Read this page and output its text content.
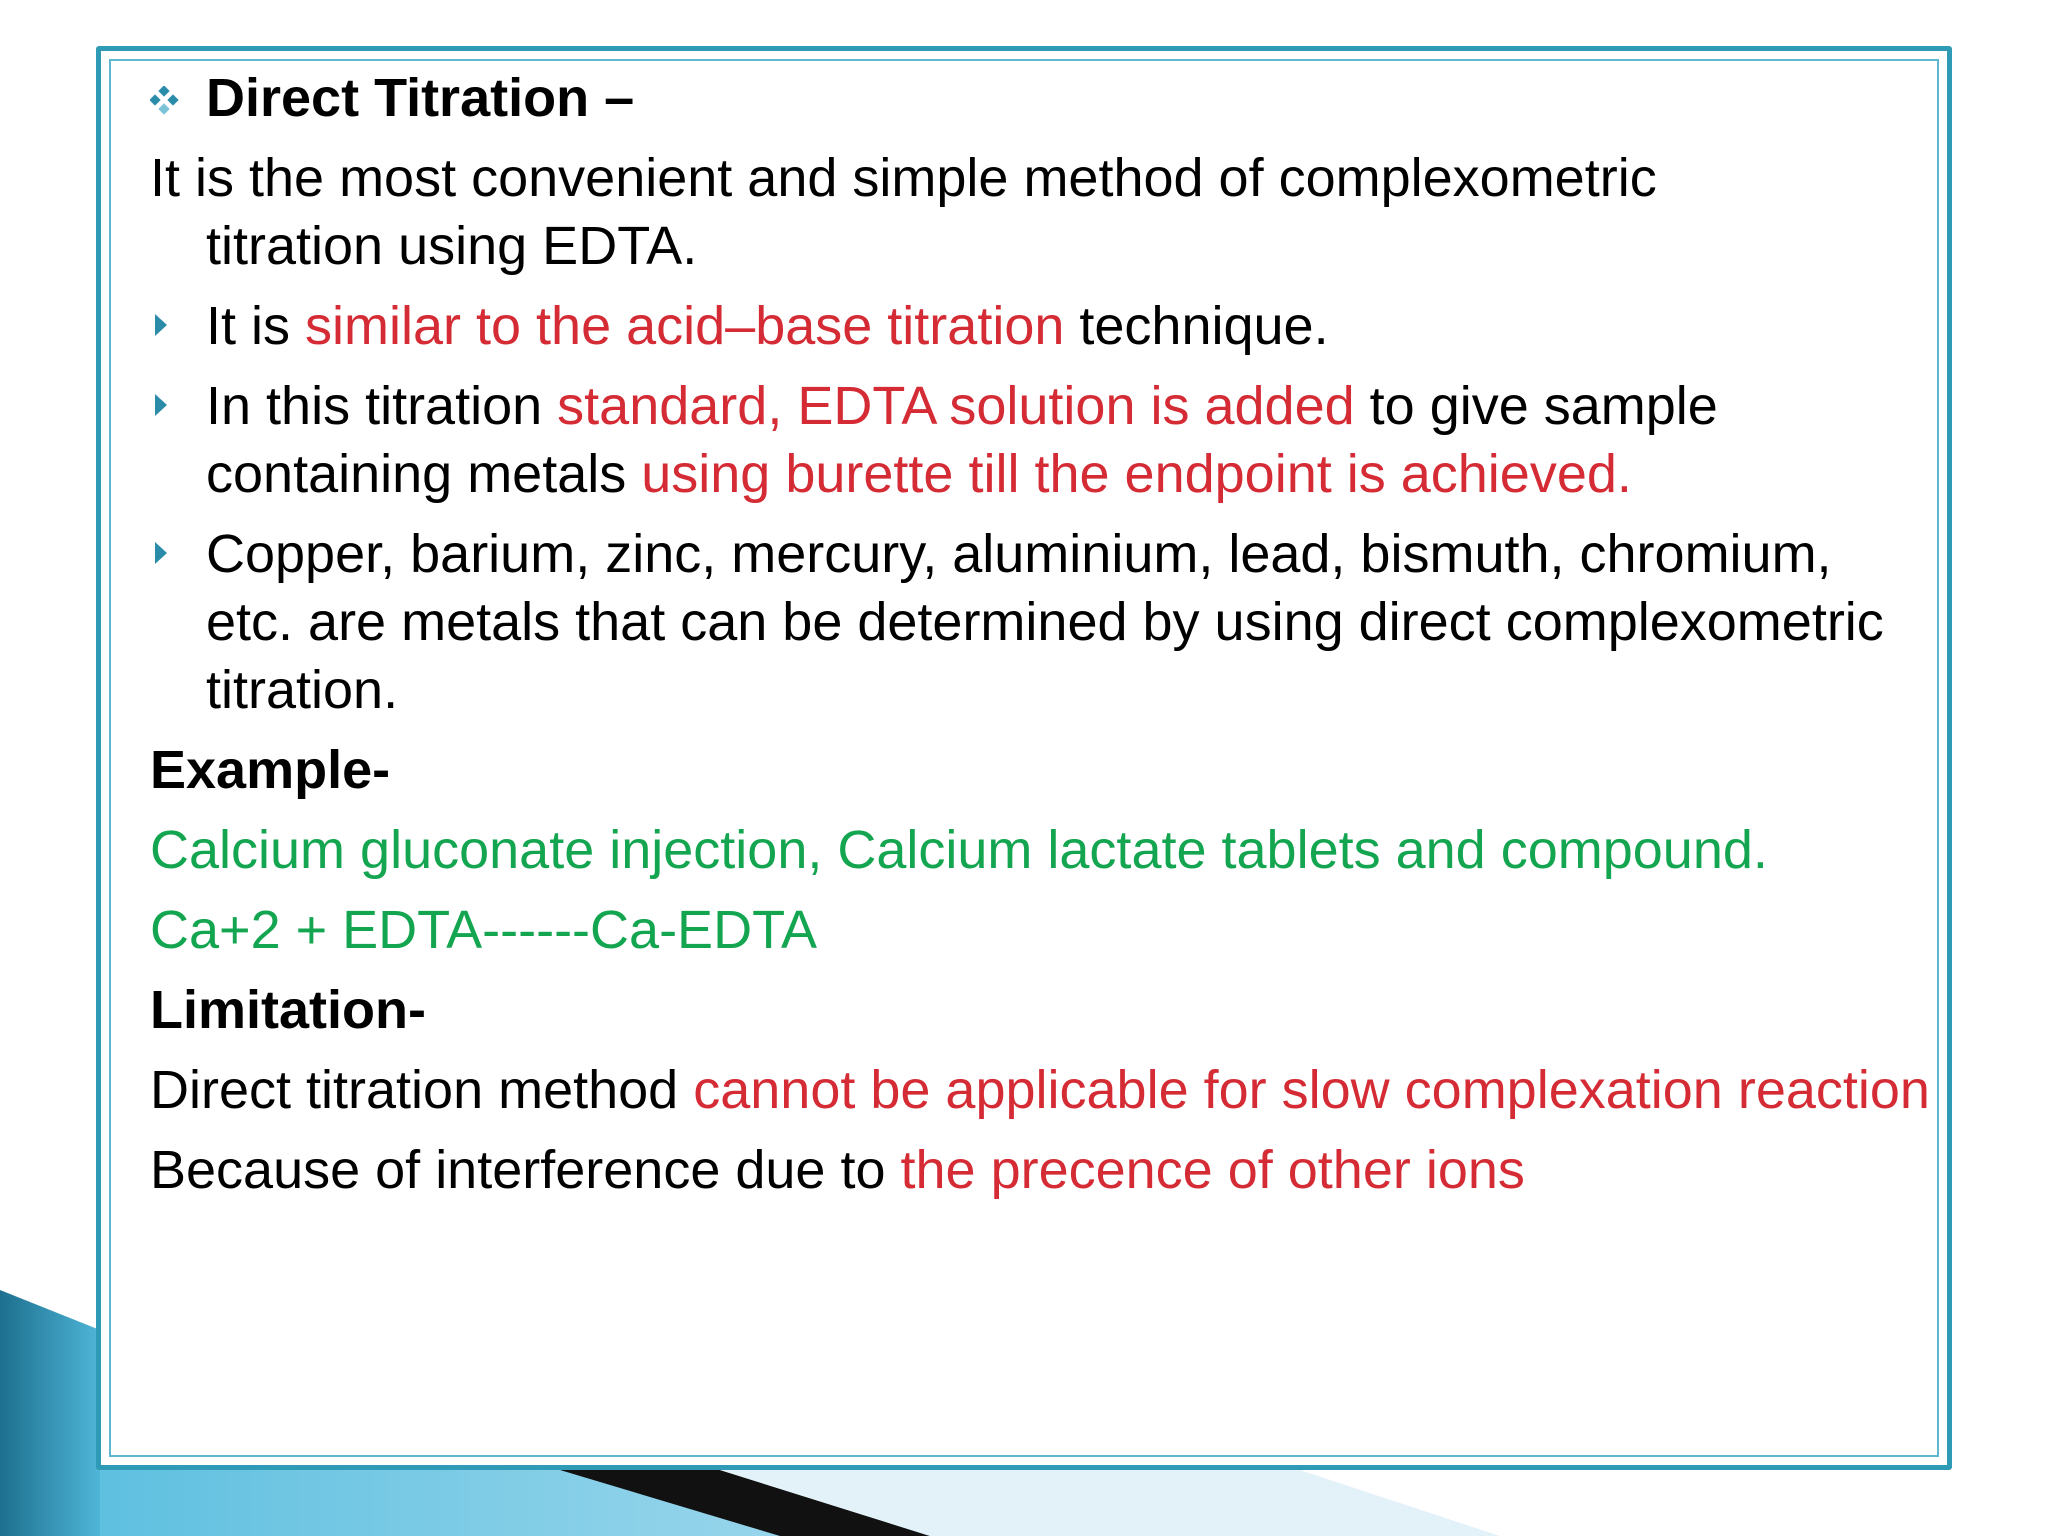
Direct Titration –
It is the most convenient and simple method of complexometric
titration using EDTA.
It is similar to the acid–base titration technique.
In this titration standard, EDTA solution is added to give sample containing metals using burette till the endpoint is achieved.
Copper, barium, zinc, mercury, aluminium, lead, bismuth, chromium, etc. are metals that can be determined by using direct complexometric titration.
Example-
Calcium gluconate injection, Calcium lactate tablets and compound.
Ca+2 + EDTA------Ca-EDTA
Limitation-
Direct titration method cannot be applicable for slow complexation reaction
Because of interference due to the precence of other ions
